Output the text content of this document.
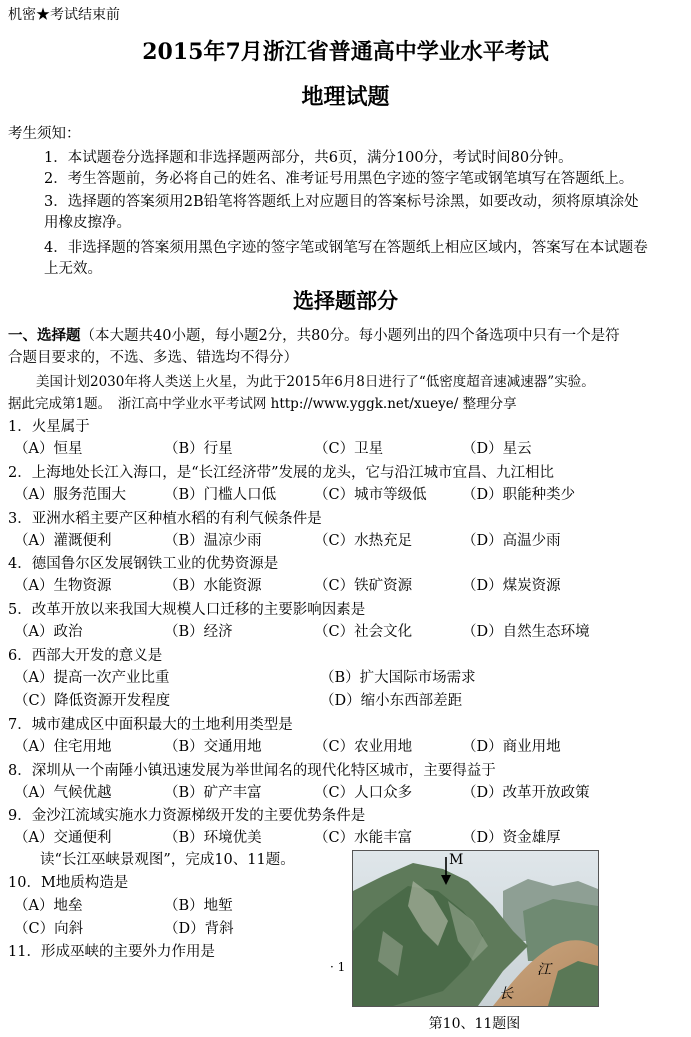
机密★考试结束前
2015年7月浙江省普通高中学业水平考试
地理试题
考生须知：
1．本试题卷分选择题和非选择题两部分，共6页，满分100分，考试时间80分钟。
2．考生答题前，务必将自己的姓名、准考证号用黑色字迹的签字笔或钢笔填写在答题纸上。
3．选择题的答案须用2B铅笔将答题纸上对应题目的答案标号涂黑，如要改动，须将原填涂处
用橡皮擦净。
4．非选择题的答案须用黑色字迹的签字笔或钢笔写在答题纸上相应区域内，答案写在本试题卷
上无效。
选择题部分
一、选择题（本大题共40小题，每小题2分，共80分。每小题列出的四个备选项中只有一个是符
合题目要求的，不选、多选、错选均不得分）
美国计划2030年将人类送上火星，为此于2015年6月8日进行了“低密度超音速减速器”实验。
据此完成第1题。　浙江高中学业水平考试网 http://www.yggk.net/xueye/ 整理分享
1．火星属于
（A）恒星	（B）行星	（C）卫星	（D）星云
2．上海地处长江入海口，是“长江经济带”发展的龙头，它与沿江城市宜昌、九江相比
（A）服务范围大	（B）门槛人口低	（C）城市等级低 （D）职能种类少
3．亚洲水稻主要产区种植水稻的有利气候条件是
（A）灌溉便利	（B）温凉少雨	（C）水热充足	（D）高温少雨
4．德国鲁尔区发展钢铁工业的优势资源是
（A）生物资源	（B）水能资源	（C）铁矿资源	（D）煤炭资源
5．改革开放以来我国大规模人口迁移的主要影响因素是
（A）政治	（B）经济	（C）社会文化	（D）自然生态环境
6．西部大开发的意义是
（A）提高一次产业比重	（B）扩大国际市场需求
（C）降低资源开发程度	（D）缩小东西部差距
7．城市建成区中面积最大的土地利用类型是
（A）住宅用地	（B）交通用地	（C）农业用地	（D）商业用地
8．深圳从一个南陲小镇迅速发展为举世闻名的现代化特区城市，主要得益于
（A）气候优越	（B）矿产丰富	（C）人口众多	（D）改革开放政策
9．金沙江流域实施水力资源梯级开发的主要优势条件是
（A）交通便利	（B）环境优美	（C）水能丰富	（D）资金雄厚
读“长江巫峡景观图”，完成10、11题。
10．M地质构造是
（A）地垒	（B）地堑
（C）向斜	（D）背斜
11．形成巫峡的主要外力作用是
· 1
M
江
长
第10、11题图
